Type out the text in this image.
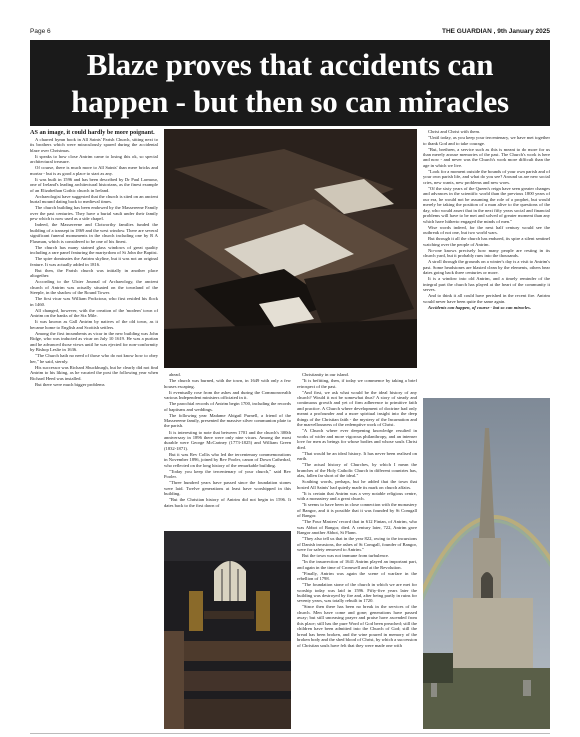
Page 6	THE GUARDIAN , 9th January 2025
Blaze proves that accidents can
happen - but then so can miracles

AS an image, it could hardly be more poignant.

A charred hymn book in All Saints' Parish Church, sitting next to its brothers which were miraculously spared during the accidental blaze over Christmas.

It speaks to how close Antrim came to losing this ok, so special architectural treasure.

Of course, there is much more to All Saints' than mere bricks and mortar - but is as good a place to start as any.

It was built in 1596 and has been described by Dr Paul Larmour, one of Ireland's leading architectural historians, as the finest example of an Elizabethan Gothic church in Ireland.

Archaeologist have suggested that the church is sited on an ancient burial mound dating back to medieval times.

The church building has been endowed by the Massereene Family over the past centuries. They have a burial vault under their family pew which is now used as a side chapel.

Indeed, the Massereene and Clotworthy families funded the building of a transept in 1869 and the west window. There are several significant funeral monuments in the church including one by R A Flaxman, which is considered to be one of his finest.

The church has many stained glass windows of great quality including a rare panel featuring the martyrdom of St John the Baptist.

The spire dominates the Antrim skyline, but it was not an original feature. It was actually added in 1816.

But then, the Parish church was initially in another place altogether.

According to the Ulster Journal of Archaeology, the ancient church of Antrim was actually situated on the townland of the Steeple, in the shadow of the Round Tower.

The first vicar was William Prokctour, who first resided his flock in 1460.

All changed, however, with the creation of the 'modern' town of Antrim on the banks of the Six Mile.

It was known as Gall Antrim by natives of the old town, as it became home to English and Scottish settlers.

Among the first incumbents as vicar in the new building was John Ridge, who was inducted as vicar on July 10 1619. He was a puritan and he advanced those views until he was ejected for non-conformity by Bishop Leslie in 1636.

"The Church hath no need of those who do not know how to obey her," he said, sternly.

His successor was Richard Shuckburgh, but he clearly did not find Antrim to his liking, as he vacated the post the following year when Richard Heed was installed.

But there were much bigger problems

ahead.

The church was burned, with the town, in 1649 with only a few houses escaping.

It eventually rose from the ashes and during the Commonwealth various Independent ministers officiated in it.

The parochial records of Antrim begin 1700, including the records of baptisms and weddings.

The following year Madame Abigail Purnell, a friend of the Massereene family, presented the massive silver communion plate to the parish.

It is interesting to note that between 1701 and the church's 300th anniversary in 1896 there were only nine vicars. Among the most durable were George McCartney (1773-1825) and William Green (1832-1871).

But it was Rev Collis who led the tercentenary commemorations in November 1896, joined by Rev Pooler, canon of Down Cathedral, who reflected on the long history of the remarkable building.

"Today you keep the tercentenary of your church," said Rev Pooler.

"Three hundred years have passed since the foundation stones were laid. Twelve generations at least have worshipped in this building.

"But the Christian history of Antrim did not begin in 1596. It dates back to the first dawn of

Christianity in our island.

"It is befitting, then, if today we commence by taking a brief retrospect of the past.

"And first, we ask what would be the ideal history of any church? Would it not be somewhat thus? A story of steady and continuous growth and yet of firm adherence to primitive faith and practice. A Church where development of doctrine had only meant a profounder and a more spiritual insight into the deep things of the Christian faith - the mystery of the Incarnation and the marvellousness of the redemptive work of Christ.

"A Church where ever deepening knowledge resulted in works of wider and more vigorous philanthropy, and an intenser love for men as beings for whose bodies and whose souls Christ died.

"That would be an ideal history. It has never been realised on earth.

"The actual history of Churches, by which I mean the branches of the Holy Catholic Church in different countries has, alas, fallen far short of the ideal."

Scathing words, perhaps, but he added that the town that hosted All Saints' had quietly made its mark on church affairs.

"It is certain that Antrim was a very notable religious centre, with a monastery and a great church.

"It seems to have been in close connection with the monastery of Bangor, and it is possible that it was founded by St Comgall of Bangor.

"The Four Masters' record that in 612 Fintan, of Antrim, who was Abbot of Bangor, died. A century later, 722, Antrim gave Bangor another Abbot, St Flann.

"They also tell us that in the year 822, owing to the incursions of Danish invasions, the ashes of St Comgall, founder of Bangor, were for safety removed to Antrim."

But the town was not immune from turbulence.

"In the insurrection of 1641 Antrim played an important part, and again in the time of Cromwell and at the Revolution.

"Finally, Antrim was again the scene of warfare in the rebellion of 1798.

"The foundation stone of the church in which we are met for worship today was laid in 1596. Fifty-five years later the building was destroyed by fire and, after being partly in ruins for seventy years, was totally rebuilt in 1720.

"Since then there has been no break in the services of the church. Men have come and gone; generations have passed away; but still unceasing prayer and praise have ascended from this place; still has the pure Word of God been preached; still the children have been admitted into the Church of God; still the bread has been broken, and the wine poured in memory of the broken body and the shed blood of Christ, by which a succession of Christian souls have felt that they were made one with

Christ and Christ with them.

"Until today, as you keep your tercentenary, we have met together to thank God and to take courage.

"But, brethren, a service such as this is meant to do more for us than merely arouse memories of the past. The Church's work is here and now - and never was the Church's work more difficult than the age in which we live.

"Look for a moment outside the bounds of your own parish and of your own parish life, and what do you see? Around us are new social cries, new wants, new problems and new woes.

"Of the sixty years of the Queen's reign have seen greater changes and advances in the scientific world than the previous 1800 years of our era, he would not be assuming the role of a prophet, but would merely be taking the position of a man alive to the questions of the day, who would assert that in the next fifty years social and financial problems will have to be met and solved of greater moment than any which have hitherto engaged the minds of men."

Wise words indeed, for the next half century would see the outbreak of not one, but two world wars.

But through it all the church has endured, its spire a silent sentinel watching over the people of Antrim.

No-one knows precisely how many people are resting in its church yard, but it probably runs into the thousands.

A stroll through the grounds on a winter's day is a visit to Antrim's past. Some headstones are blasted clean by the elements, others bear dates going back three centuries or more.

It is a window into old Antrim, and a timely reminder of the integral part the church has played at the heart of the community it serves.

And to think it all could have perished in the recent fire. Antrim would never have been quite the same again.

Accidents can happen, of course - but so can miracles.
